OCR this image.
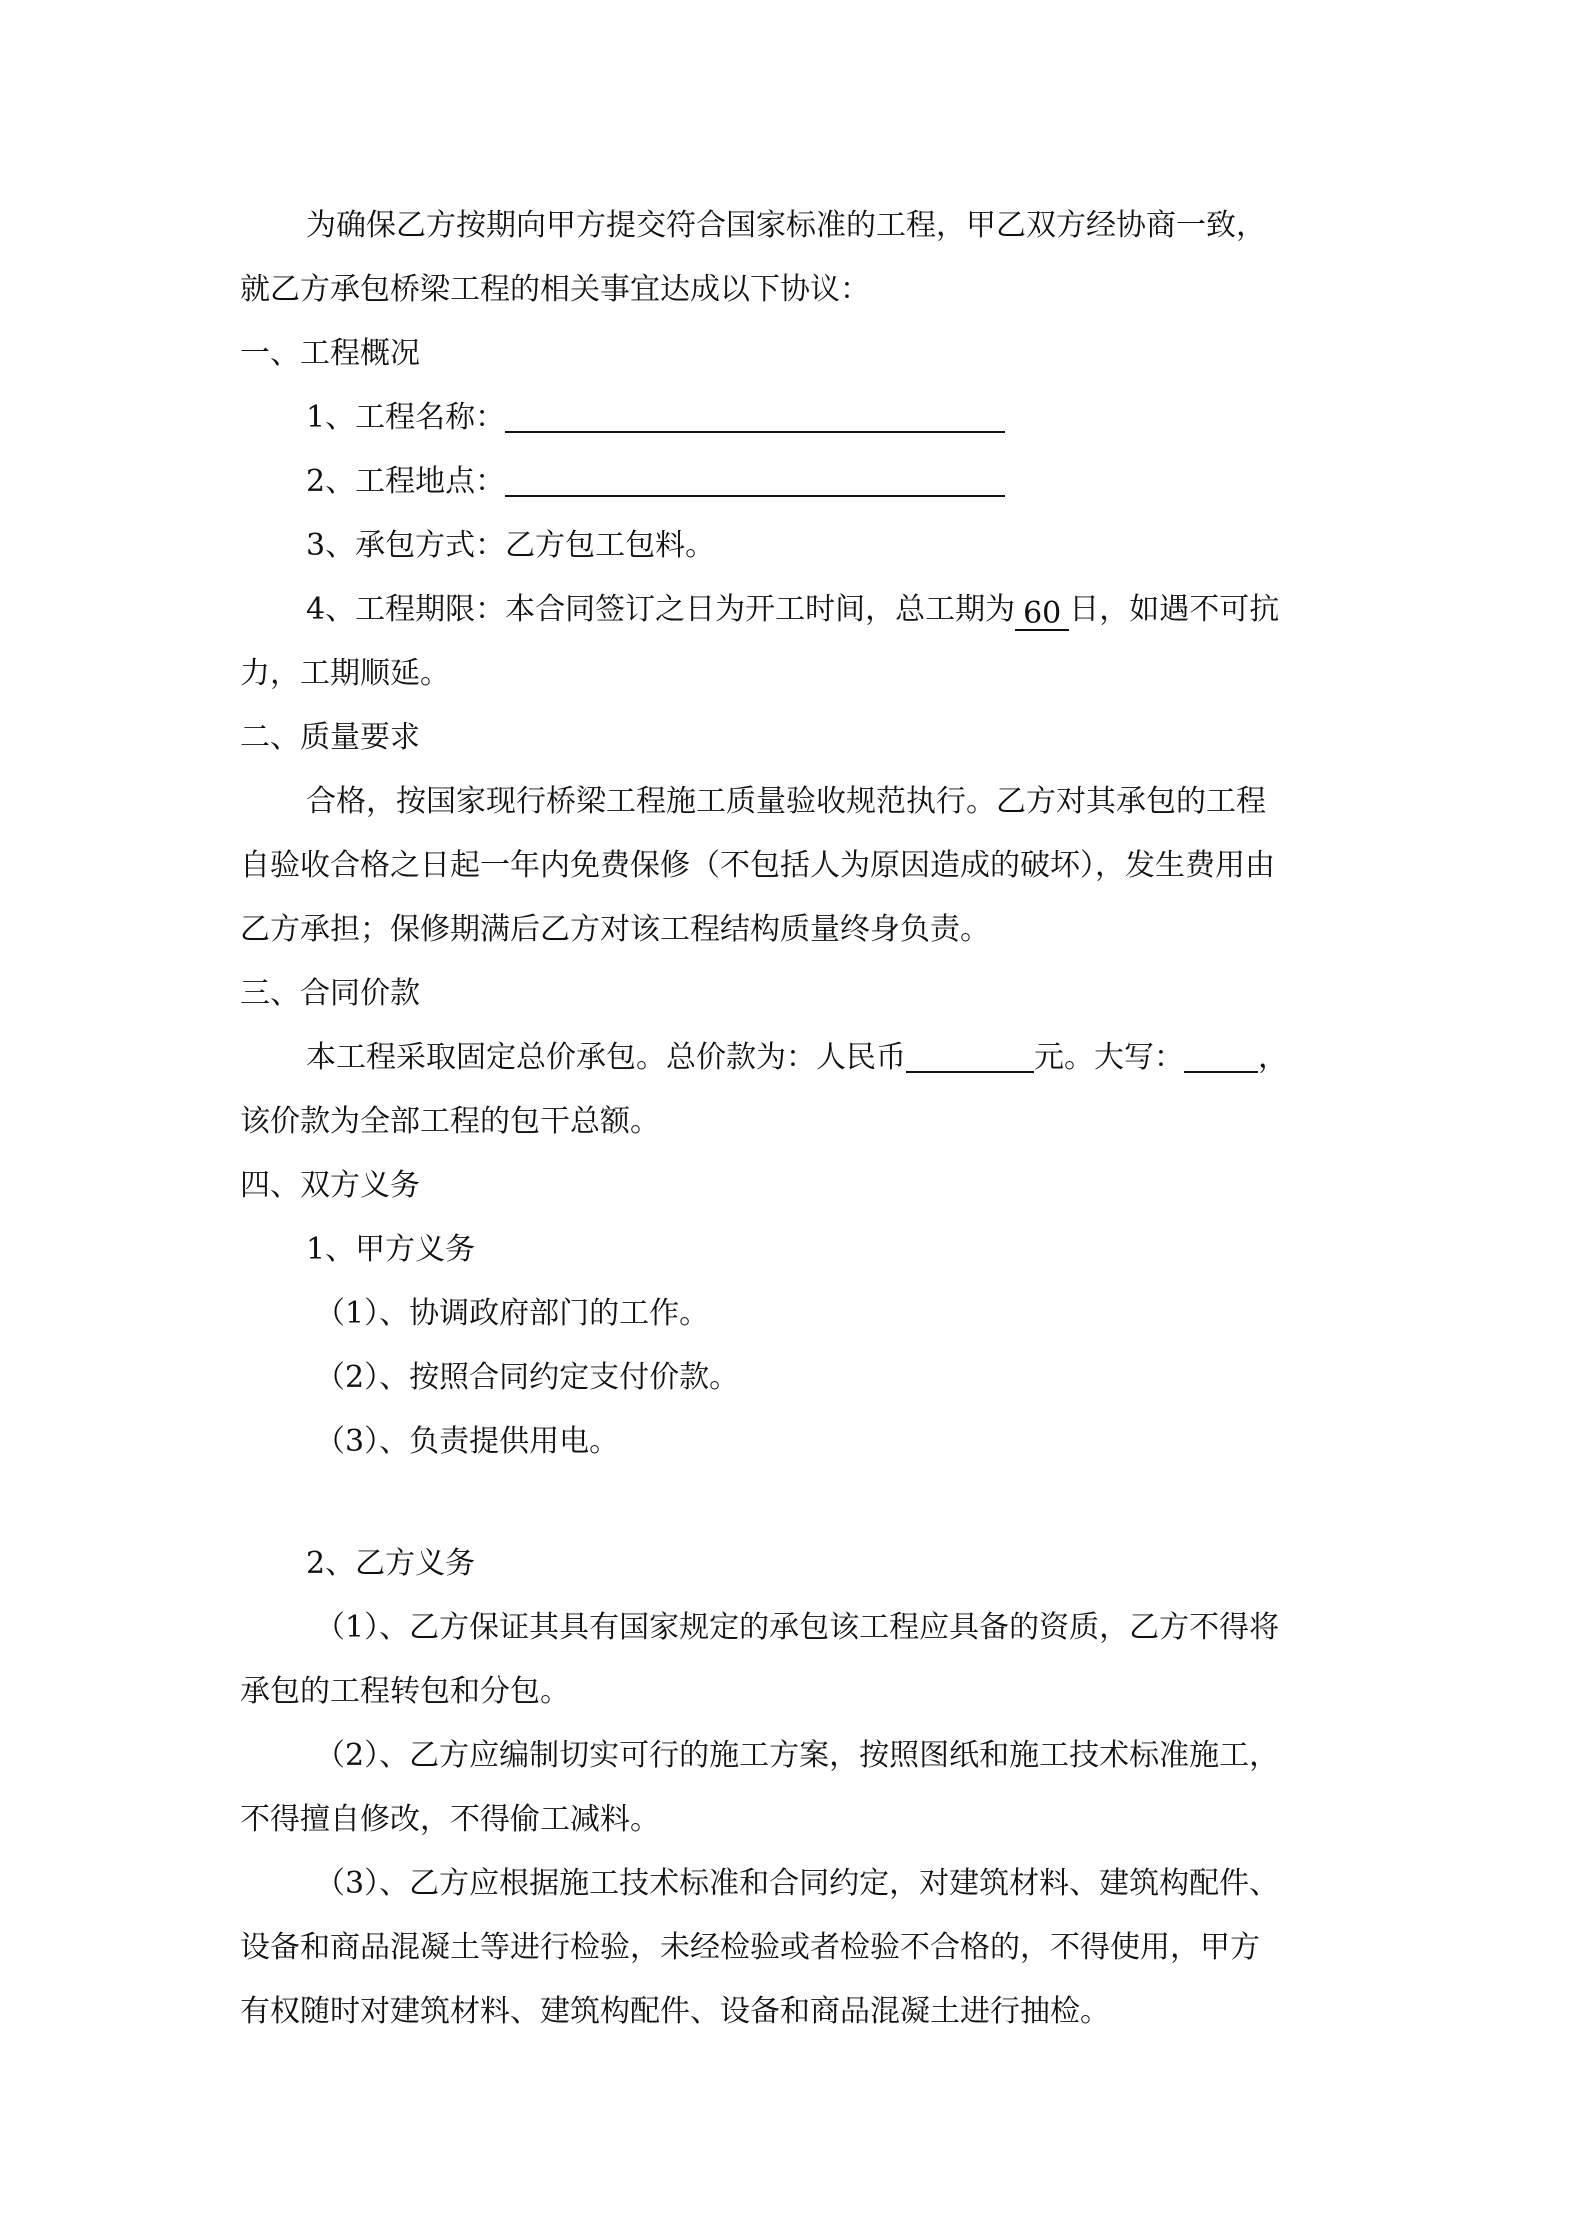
为确保乙方按期向甲方提交符合国家标准的工程，甲乙双方经协商一致，
就乙方承包桥梁工程的相关事宜达成以下协议：
一、工程概况
1、工程名称：
2、工程地点：
3、承包方式：乙方包工包料。
4、工程期限：本合同签订之日为开工时间，总工期为 60 日，如遇不可抗
力，工期顺延。
二、质量要求
合格，按国家现行桥梁工程施工质量验收规范执行。乙方对其承包的工程
自验收合格之日起一年内免费保修（不包括人为原因造成的破坏），发生费用由
乙方承担；保修期满后乙方对该工程结构质量终身负责。
三、合同价款
本工程采取固定总价承包。总价款为：人民币	元。大写： ，
该价款为全部工程的包干总额。
四、双方义务
1、甲方义务
（1）、协调政府部门的工作。
（2）、按照合同约定支付价款。
（3）、负责提供用电。
2、乙方义务
（1）、乙方保证其具有国家规定的承包该工程应具备的资质，乙方不得将
承包的工程转包和分包。
（2）、乙方应编制切实可行的施工方案，按照图纸和施工技术标准施工，
不得擅自修改，不得偷工减料。
（3）、乙方应根据施工技术标准和合同约定，对建筑材料、建筑构配件、
设备和商品混凝土等进行检验，未经检验或者检验不合格的，不得使用，甲方
有权随时对建筑材料、建筑构配件、设备和商品混凝土进行抽检。
